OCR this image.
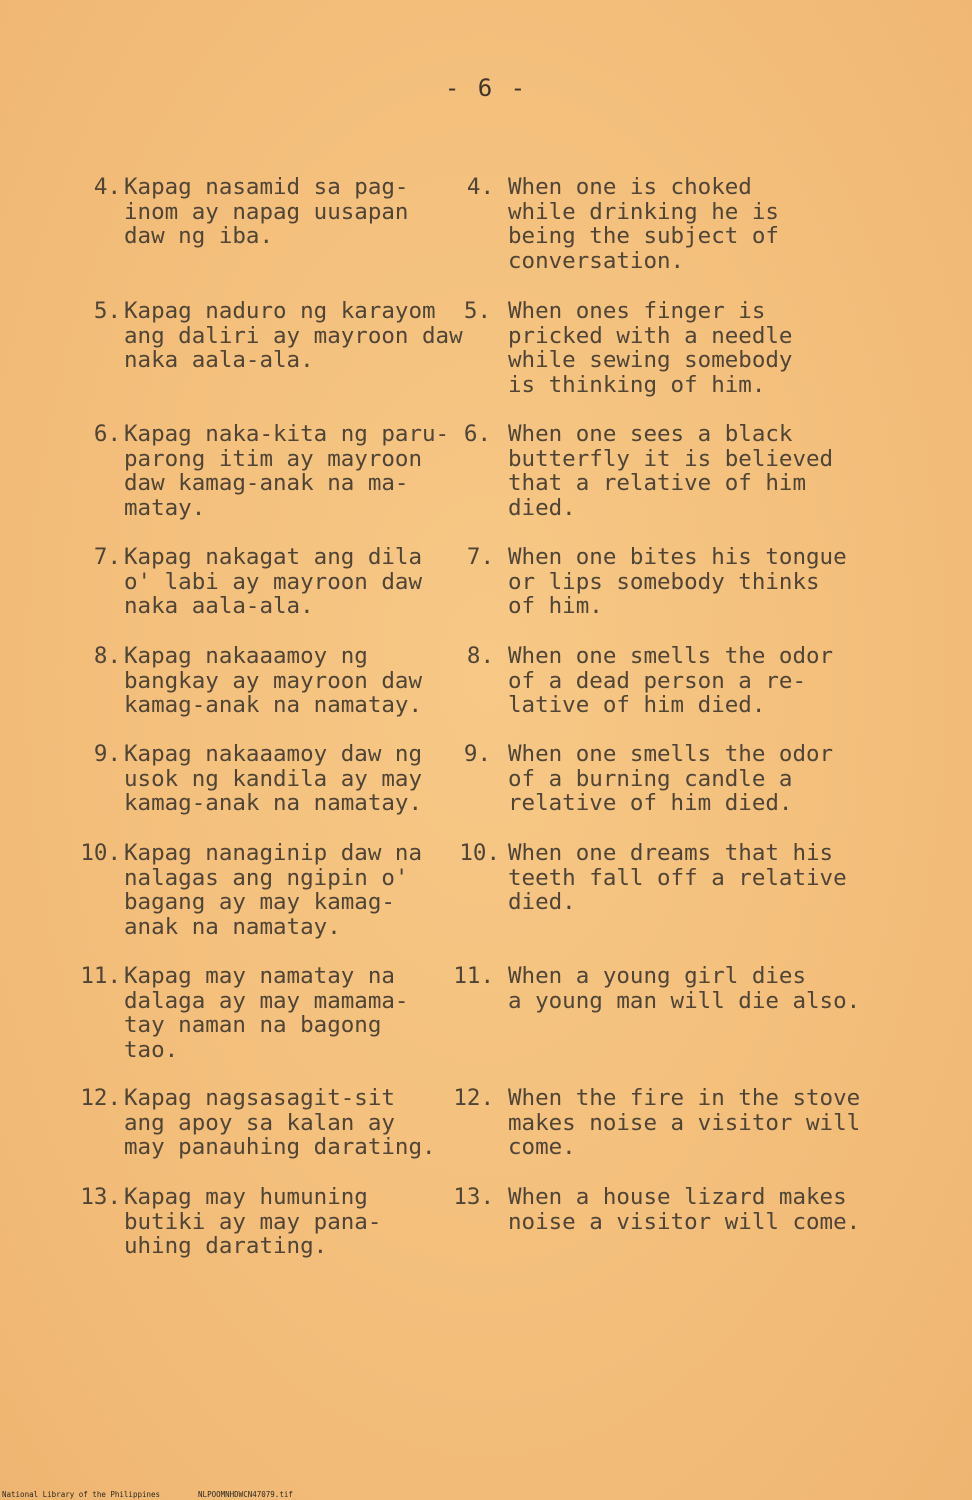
- 6 -

4.

Kapag nasamid sa pag-
inom ay napag uusapan
daw ng iba.

4.

When one is choked
while drinking he is
being the subject of
conversation.

5.

Kapag naduro ng karayom
ang daliri ay mayroon daw
naka aala-ala.

5.

When ones finger is
pricked with a needle
while sewing somebody
is thinking of him.

6.

Kapag naka-kita ng paru-
parong itim ay mayroon
daw kamag-anak na ma-
matay.

6.

When one sees a black
butterfly it is believed
that a relative of him
died.

7.

Kapag nakagat ang dila
o' labi ay mayroon daw
naka aala-ala.

7.

When one bites his tongue
or lips somebody thinks
of him.

8.

Kapag nakaaamoy ng
bangkay ay mayroon daw
kamag-anak na namatay.

8.

When one smells the odor
of a dead person a re-
lative of him died.

9.

Kapag nakaaamoy daw ng
usok ng kandila ay may
kamag-anak na namatay.

9.

When one smells the odor
of a burning candle a
relative of him died.

10.

Kapag nanaginip daw na
nalagas ang ngipin o'
bagang ay may kamag-
anak na namatay.

10.

When one dreams that his
teeth fall off a relative
died.

11.

Kapag may namatay na
dalaga ay may mamama-
tay naman na bagong
tao.

11.

When a young girl dies
a young man will die also.

12.

Kapag nagsasagit-sit
ang apoy sa kalan ay
may panauhing darating.

12.

When the fire in the stove
makes noise a visitor will
come.

13.

Kapag may humuning
butiki ay may pana-
uhing darating.

13.

When a house lizard makes
noise a visitor will come.

National Library of the Philippines	NLPOOMNHDWCN47079.tif
